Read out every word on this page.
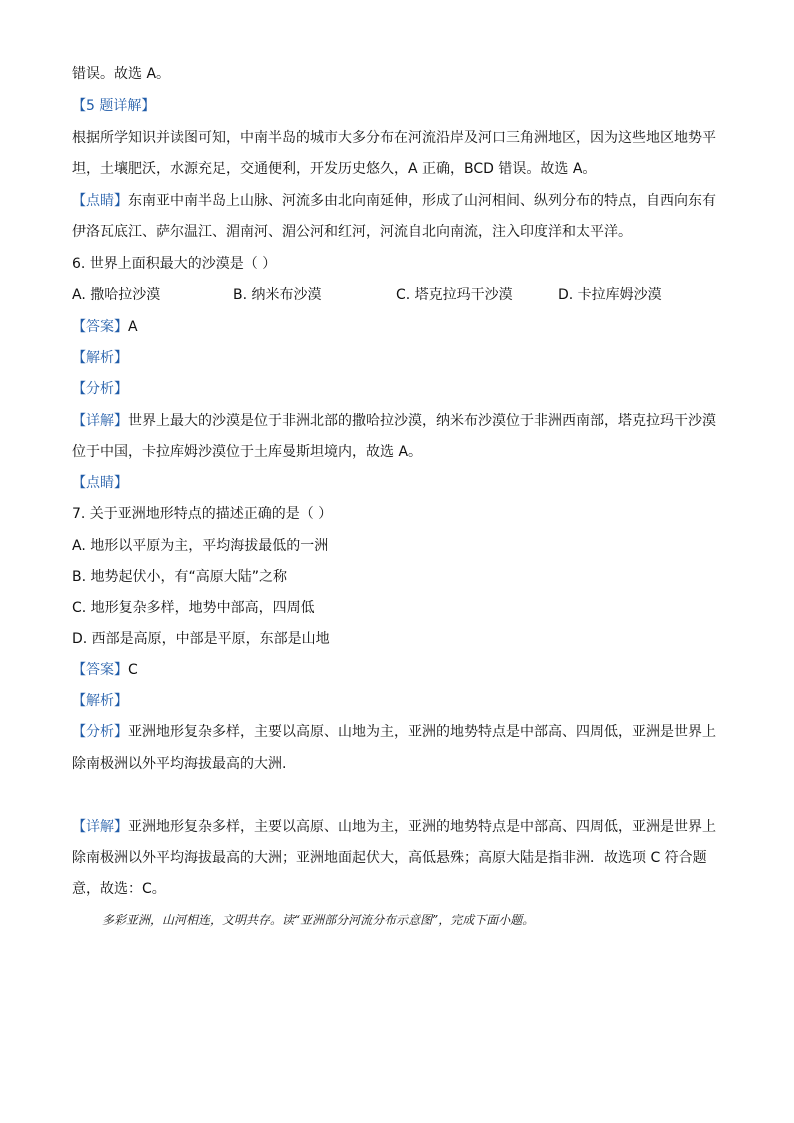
错误。故选 A。
【5 题详解】
根据所学知识并读图可知，中南半岛的城市大多分布在河流沿岸及河口三角洲地区，因为这些地区地势平
坦，土壤肥沃，水源充足，交通便利，开发历史悠久，A 正确，BCD 错误。故选 A。
【点睛】东南亚中南半岛上山脉、河流多由北向南延伸，形成了山河相间、纵列分布的特点，自西向东有
伊洛瓦底江、萨尔温江、湄南河、湄公河和红河，河流自北向南流，注入印度洋和太平洋。
6. 世界上面积最大的沙漠是（ ）
A. 撒哈拉沙漠	B. 纳米布沙漠	C. 塔克拉玛干沙漠	D. 卡拉库姆沙漠
【答案】A
【解析】
【分析】
【详解】世界上最大的沙漠是位于非洲北部的撒哈拉沙漠，纳米布沙漠位于非洲西南部，塔克拉玛干沙漠
位于中国，卡拉库姆沙漠位于土库曼斯坦境内，故选 A。
【点睛】
7. 关于亚洲地形特点的描述正确的是（ ）
A. 地形以平原为主，平均海拔最低的一洲
B. 地势起伏小，有“高原大陆”之称
C. 地形复杂多样，地势中部高，四周低
D. 西部是高原，中部是平原，东部是山地
【答案】C
【解析】
【分析】亚洲地形复杂多样，主要以高原、山地为主，亚洲的地势特点是中部高、四周低，亚洲是世界上
除南极洲以外平均海拔最高的大洲.
【详解】亚洲地形复杂多样，主要以高原、山地为主，亚洲的地势特点是中部高、四周低，亚洲是世界上
除南极洲以外平均海拔最高的大洲；亚洲地面起伏大，高低悬殊；高原大陆是指非洲．故选项 C 符合题
意，故选：C。
多彩亚洲，山河相连，文明共存。读“亚洲部分河流分布示意图”，完成下面小题。
